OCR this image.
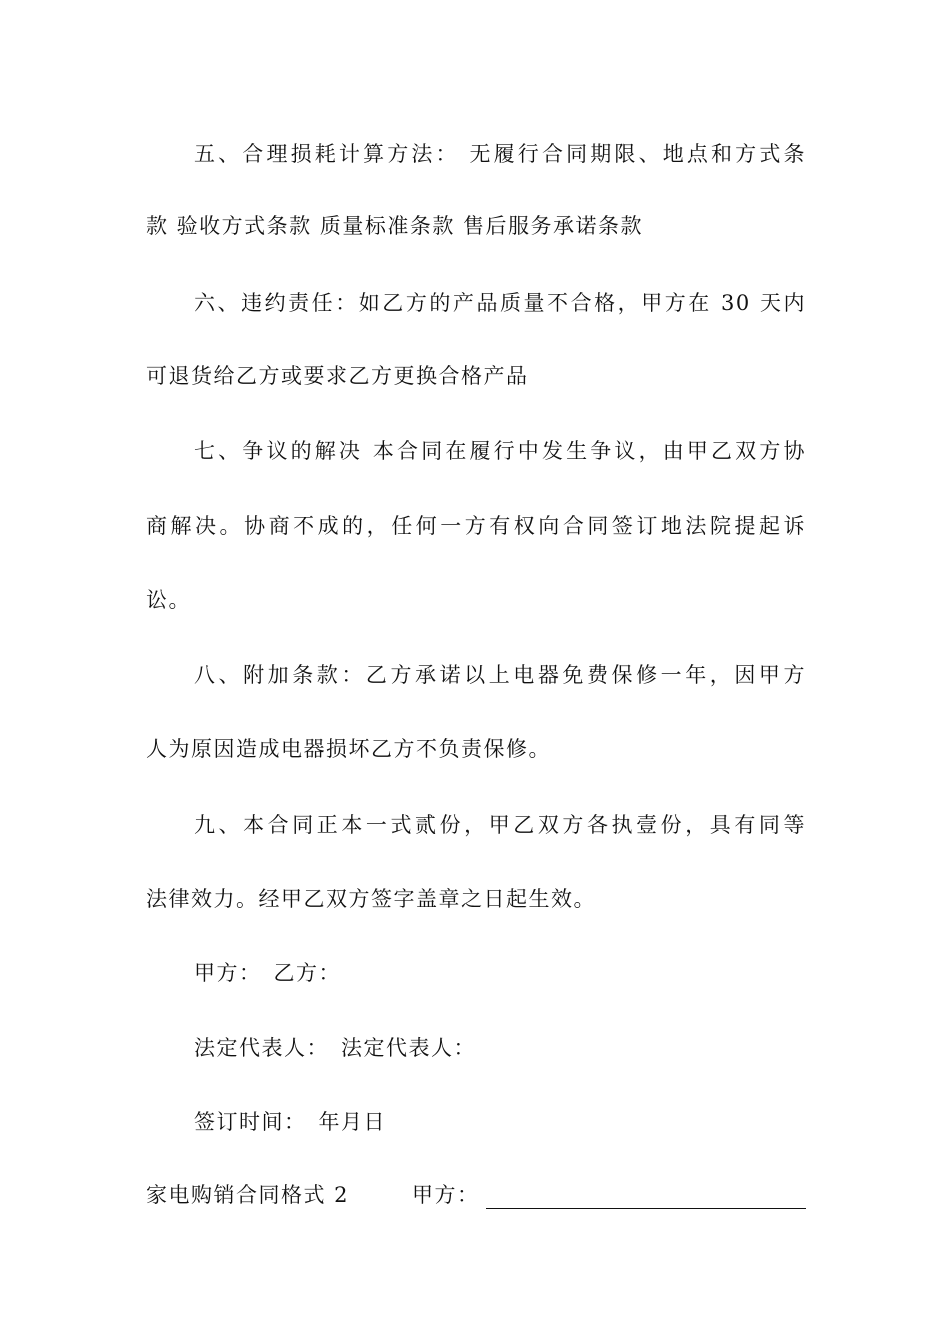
五、合理损耗计算方法： 无履行合同期限、地点和方式条
款 验收方式条款 质量标准条款 售后服务承诺条款
六、违约责任：如乙方的产品质量不合格，甲方在 30 天内
可退货给乙方或要求乙方更换合格产品
七、争议的解决 本合同在履行中发生争议，由甲乙双方协
商解决。协商不成的，任何一方有权向合同签订地法院提起诉
讼。
八、附加条款：乙方承诺以上电器免费保修一年，因甲方
人为原因造成电器损坏乙方不负责保修。
九、本合同正本一式贰份，甲乙双方各执壹份，具有同等
法律效力。经甲乙双方签字盖章之日起生效。
甲方：　乙方：
法定代表人：　法定代表人：
签订时间：　年月日
家电购销合同格式 2	甲方：
